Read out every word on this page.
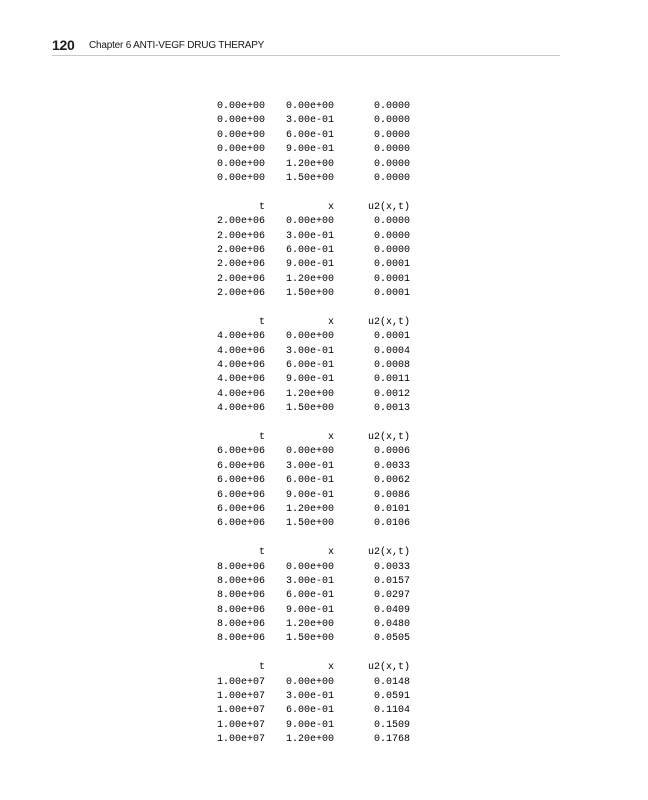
120 Chapter 6 ANTI-VEGF DRUG THERAPY
0.00e+00	0.00e+00	0.0000
0.00e+00	3.00e-01	0.0000
0.00e+00	6.00e-01	0.0000
0.00e+00	9.00e-01	0.0000
0.00e+00	1.20e+00	0.0000
0.00e+00	1.50e+00	0.0000
t	x	u2(x,t)
2.00e+06	0.00e+00	0.0000
2.00e+06	3.00e-01	0.0000
2.00e+06	6.00e-01	0.0000
2.00e+06	9.00e-01	0.0001
2.00e+06	1.20e+00	0.0001
2.00e+06	1.50e+00	0.0001
t	x	u2(x,t)
4.00e+06	0.00e+00	0.0001
4.00e+06	3.00e-01	0.0004
4.00e+06	6.00e-01	0.0008
4.00e+06	9.00e-01	0.0011
4.00e+06	1.20e+00	0.0012
4.00e+06	1.50e+00	0.0013
t	x	u2(x,t)
6.00e+06	0.00e+00	0.0006
6.00e+06	3.00e-01	0.0033
6.00e+06	6.00e-01	0.0062
6.00e+06	9.00e-01	0.0086
6.00e+06	1.20e+00	0.0101
6.00e+06	1.50e+00	0.0106
t	x	u2(x,t)
8.00e+06	0.00e+00	0.0033
8.00e+06	3.00e-01	0.0157
8.00e+06	6.00e-01	0.0297
8.00e+06	9.00e-01	0.0409
8.00e+06	1.20e+00	0.0480
8.00e+06	1.50e+00	0.0505
t	x	u2(x,t)
1.00e+07	0.00e+00	0.0148
1.00e+07	3.00e-01	0.0591
1.00e+07	6.00e-01	0.1104
1.00e+07	9.00e-01	0.1509
1.00e+07	1.20e+00	0.1768
